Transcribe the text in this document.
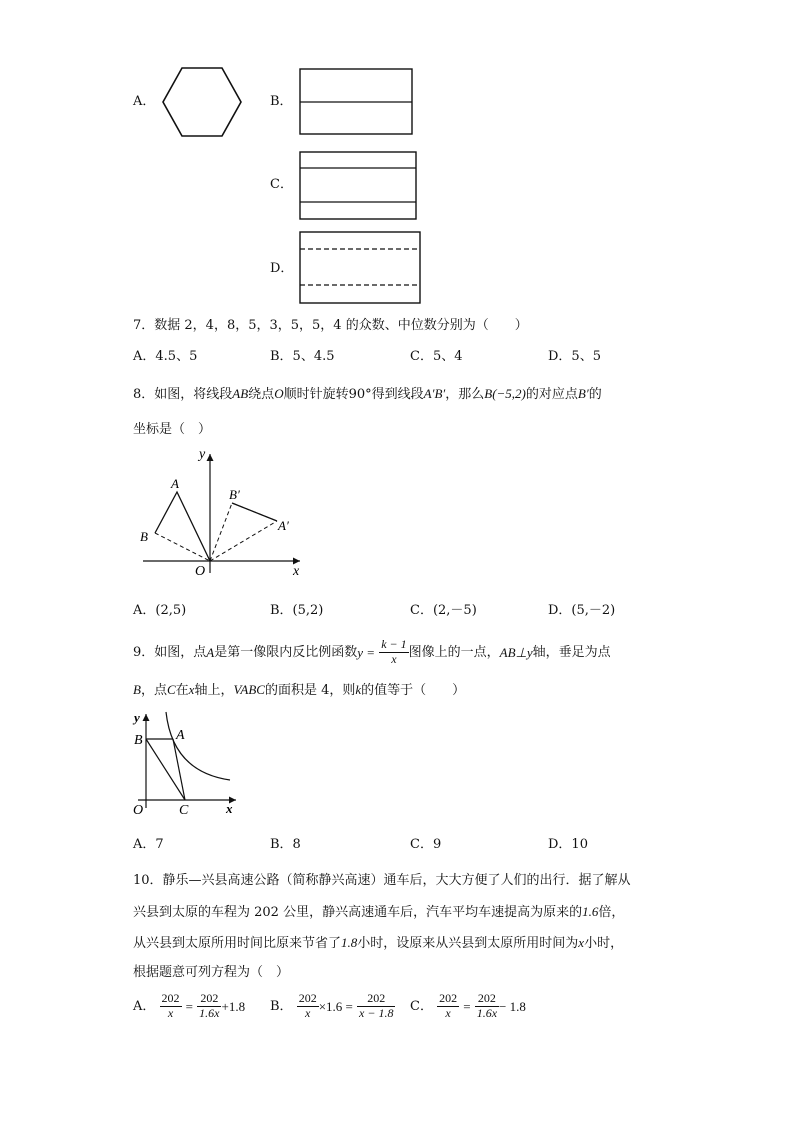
A．	B．
C．
D．
7．数据 2，4，8，5，3，5，5，4 的众数、中位数分别为（　　）
A．4.5、5	B．5、4.5	C．5、4	D．5、5
8．如图，将线段AB绕点O顺时针旋转90°得到线段A′B′，那么B(−5,2)的对应点B′的
坐标是（　）
y
x
O
A
B
A′
B′
A．(2,5)	B．(5,2)	C．(2,－5)	D．(5,－2)
9．如图，点A是第一像限内反比例函数$y = \frac{k - 1}{x}$ 图像上的一点，AB⊥y轴，垂足为点
B，点C在x轴上，VABC的面积是 4，则k的值等于（　　）
y
x
O
B A
C
A．7	B．8	C．9	D．10
10．静乐—兴县高速公路（简称静兴高速）通车后，大大方便了人们的出行．据了解从
兴县到太原的车程为 202 公里，静兴高速通车后，汽车平均车速提高为原来的1.6倍，
从兴县到太原所用时间比原来节省了1.8小时，设原来从兴县到太原所用时间为x小时，
根据题意可列方程为（　）
A． $\frac{202}{x} = \frac{202}{1.6x} +1.8$ B． $\frac{202}{x} \times 1.6 = \frac{202}{x - 1.8}$ C． $\frac{202}{x} = \frac{202}{1.6x} - 1.8$
